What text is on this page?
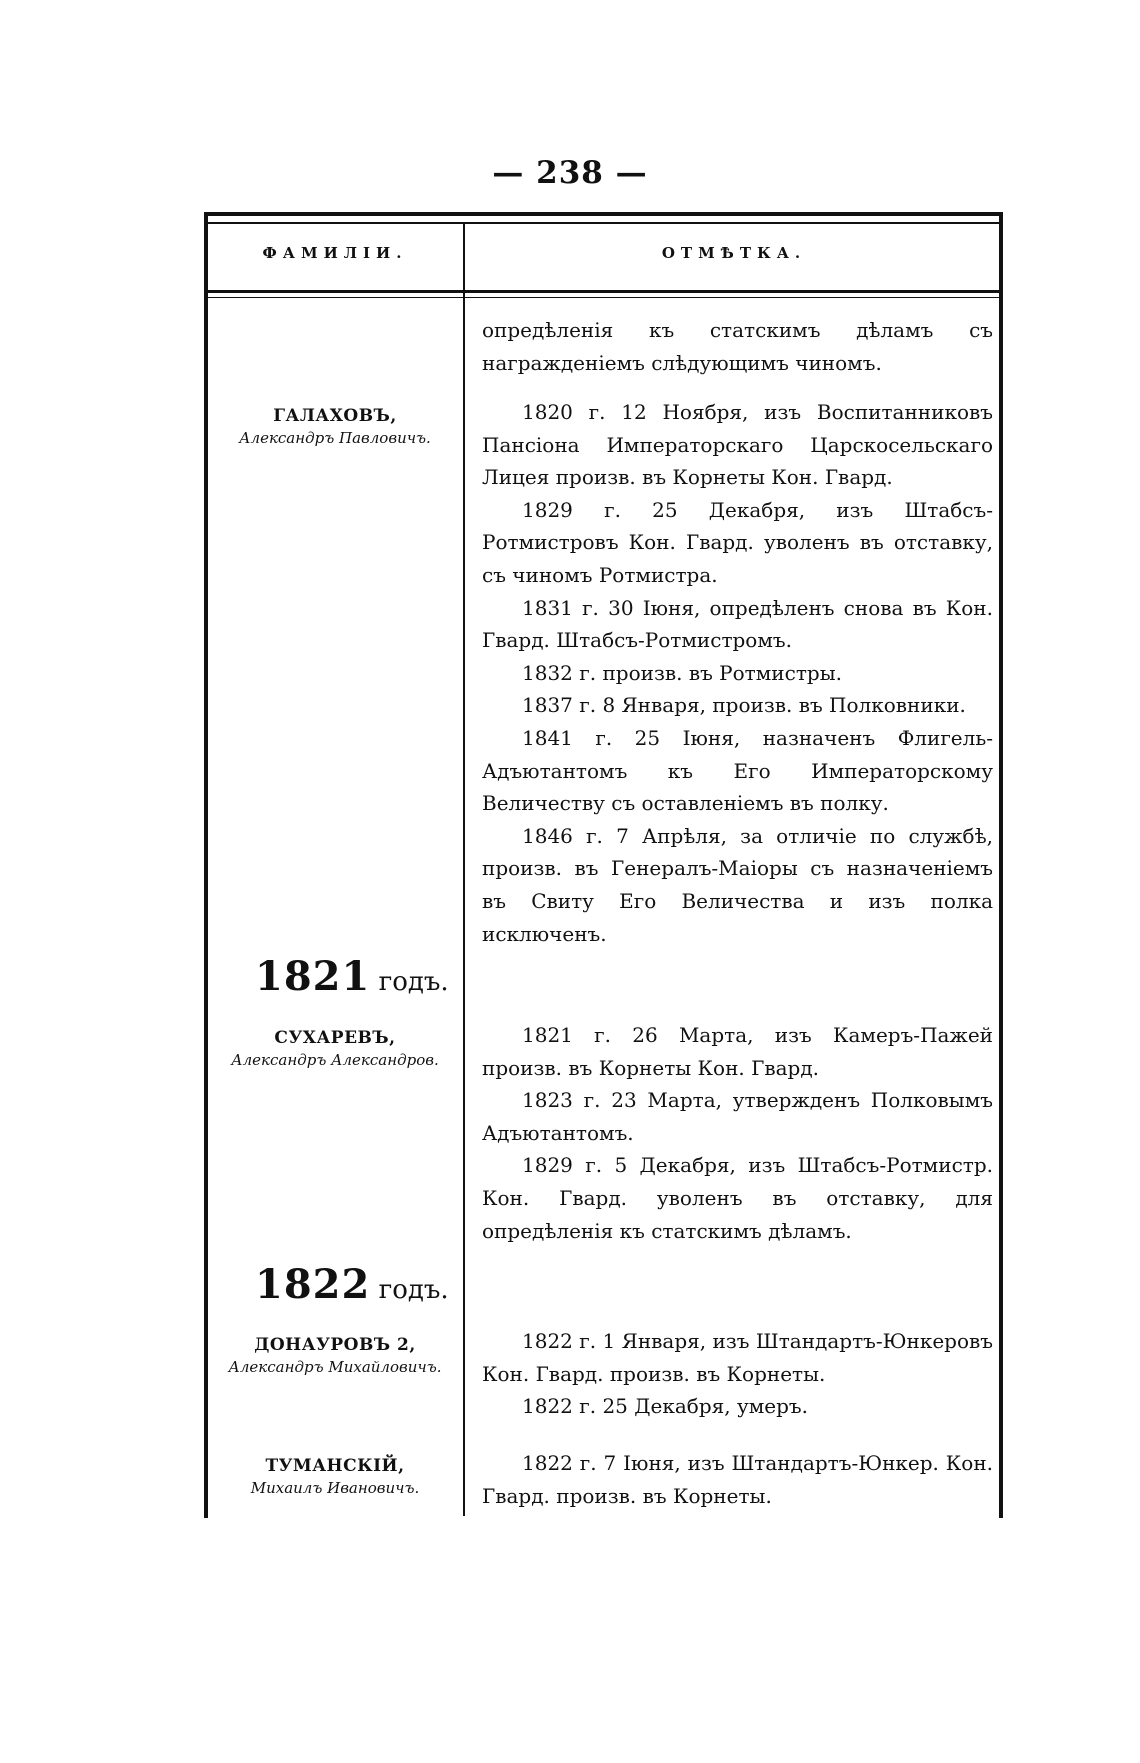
— 238 —
ФАМИЛІИ.	ОТМѢТКА.

опредѣленія къ статскимъ дѣламъ съ награжденіемъ слѣдующимъ чиномъ.

ГАЛАХОВЪ,
Александръ Павловичъ.

1820 г. 12 Ноября, изъ Воспитанниковъ Пансіона Императорскаго Царскосельскаго Лицея произв. въ Корнеты Кон. Гвард.

1829 г. 25 Декабря, изъ Штабсъ-Ротмистровъ Кон. Гвард. уволенъ въ отставку, съ чиномъ Ротмистра.

1831 г. 30 Іюня, опредѣленъ снова въ Кон. Гвард. Штабсъ-Ротмистромъ.

1832 г. произв. въ Ротмистры.

1837 г. 8 Января, произв. въ Полковники.

1841 г. 25 Іюня, назначенъ Флигель-Адъютантомъ къ Его Императорскому Величеству съ оставленіемъ въ полку.

1846 г. 7 Апрѣля, за отличіе по службѣ, произв. въ Генералъ-Маіоры съ назначеніемъ въ Свиту Его Величества и изъ полка исключенъ.

1821 годъ.
СУХАРЕВЪ,
Александръ Александров.

1821 г. 26 Марта, изъ Камеръ-Пажей произв. въ Корнеты Кон. Гвард.

1823 г. 23 Марта, утвержденъ Полковымъ Адъютантомъ.

1829 г. 5 Декабря, изъ Штабсъ-Ротмистр. Кон. Гвард. уволенъ въ отставку, для опредѣленія къ статскимъ дѣламъ.

1822 годъ.
ДОНАУРОВЪ 2,
Александръ Михайловичъ.

1822 г. 1 Января, изъ Штандартъ-Юнкеровъ Кон. Гвард. произв. въ Корнеты.

1822 г. 25 Декабря, умеръ.

ТУМАНСКІЙ,
Михаилъ Ивановичъ.

1822 г. 7 Іюня, изъ Штандартъ-Юнкер. Кон. Гвард. произв. въ Корнеты.
